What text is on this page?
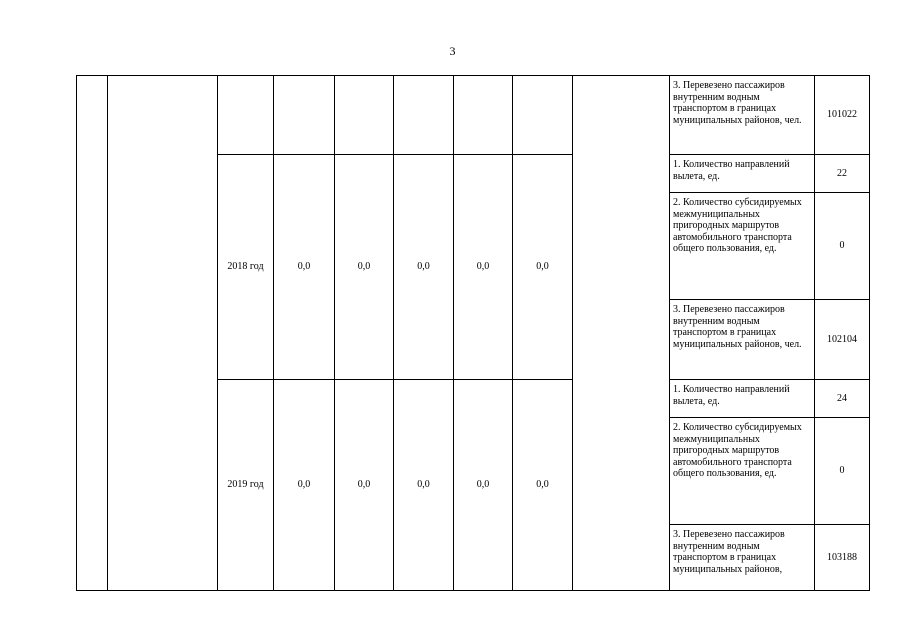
3
									3. Перевезено пассажиров внутренним водным транспортом в границах муниципальных районов, чел.	101022
		2018 год	0,0	0,0	0,0	0,0	0,0		1. Количество направлений вылета, ед.	22
									2. Количество субсидируемых межмуниципальных пригородных маршрутов автомобильного транспорта общего пользования, ед.	0
									3. Перевезено пассажиров внутренним водным транспортом в границах муниципальных районов, чел.	102104
		2019 год	0,0	0,0	0,0	0,0	0,0		1. Количество направлений вылета, ед.	24
									2. Количество субсидируемых межмуниципальных пригородных маршрутов автомобильного транспорта общего пользования, ед.	0
									3. Перевезено пассажиров внутренним водным транспортом в границах муниципальных районов,	103188
